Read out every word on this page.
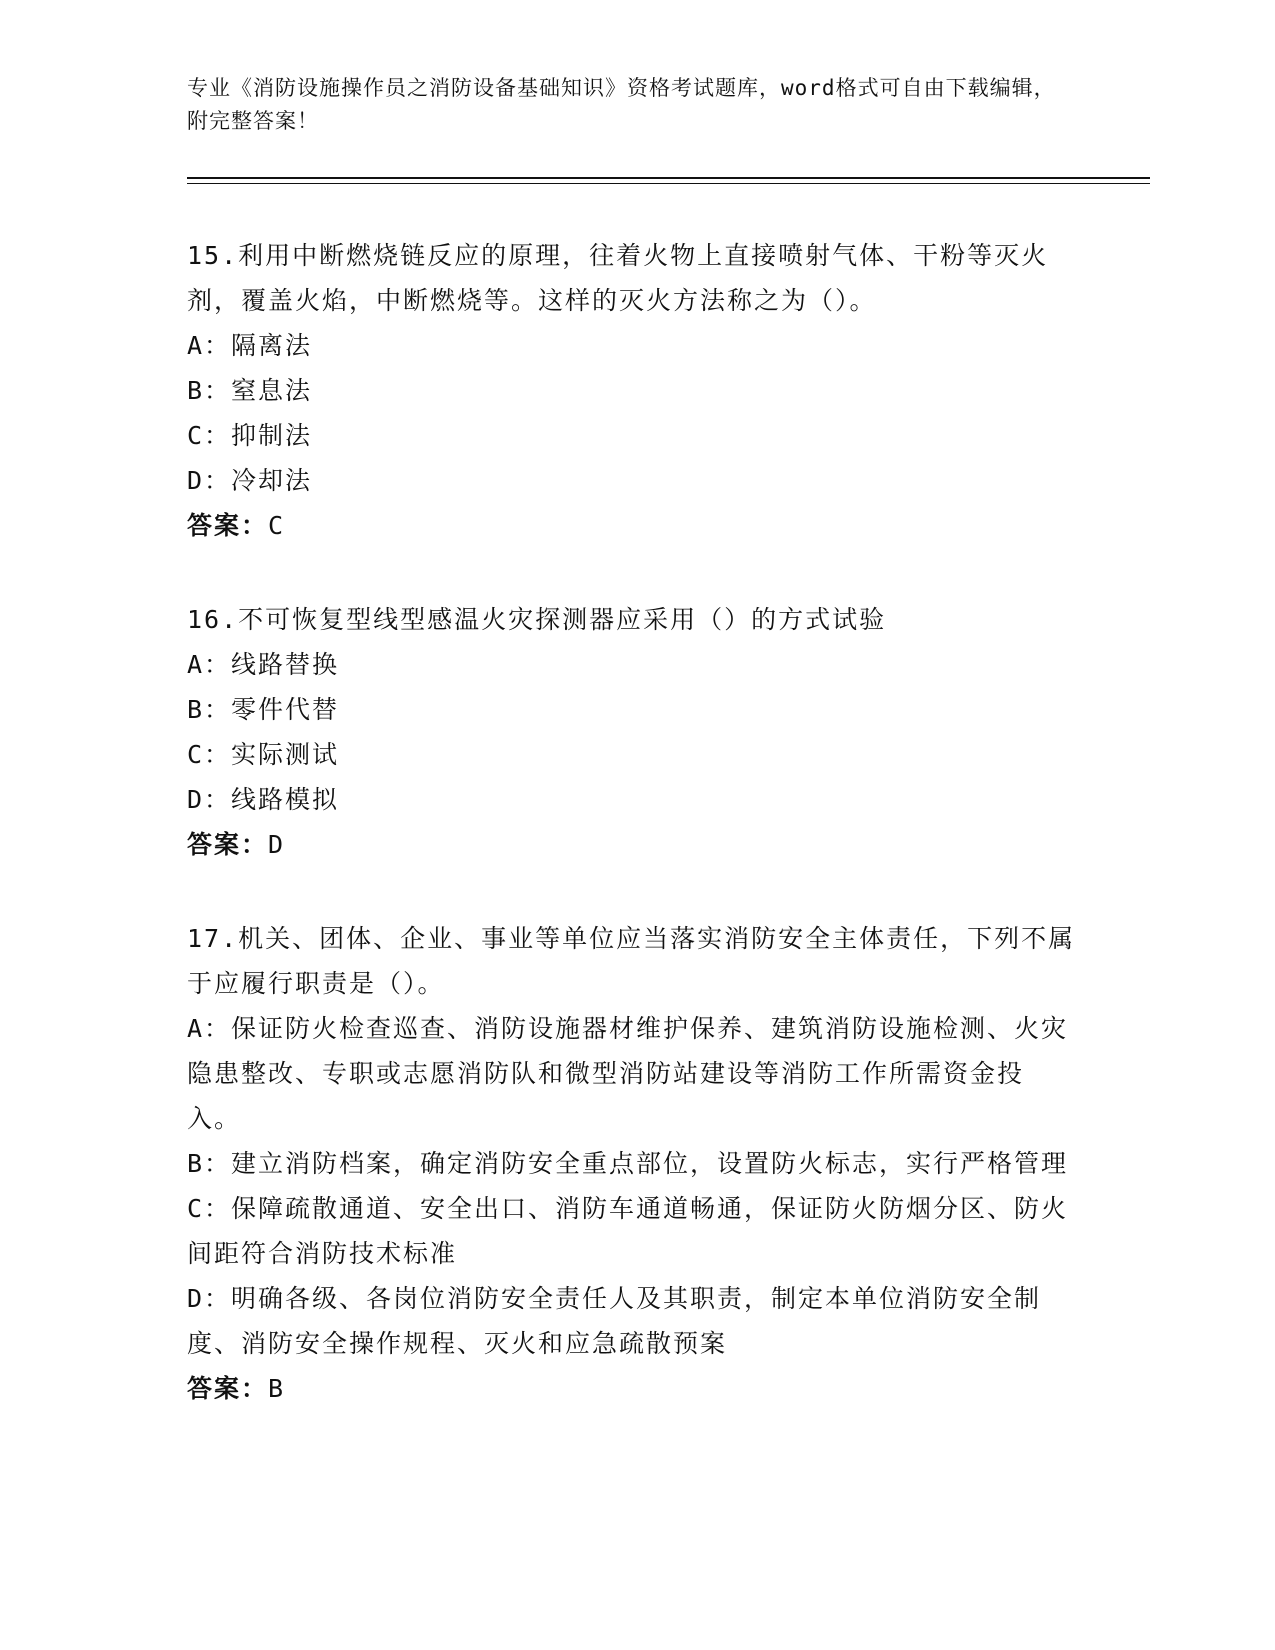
专业《消防设施操作员之消防设备基础知识》资格考试题库，word格式可自由下载编辑，附完整答案！

15.利用中断燃烧链反应的原理，往着火物上直接喷射气体、干粉等灭火剂，覆盖火焰，中断燃烧等。这样的灭火方法称之为（）。

A：隔离法

B：窒息法

C：抑制法

D：冷却法

答案：C

16.不可恢复型线型感温火灾探测器应采用（）的方式试验

A：线路替换

B：零件代替

C：实际测试

D：线路模拟

答案：D

17.机关、团体、企业、事业等单位应当落实消防安全主体责任，下列不属于应履行职责是（）。

A：保证防火检查巡查、消防设施器材维护保养、建筑消防设施检测、火灾隐患整改、专职或志愿消防队和微型消防站建设等消防工作所需资金投入。

B：建立消防档案，确定消防安全重点部位，设置防火标志，实行严格管理

C：保障疏散通道、安全出口、消防车通道畅通，保证防火防烟分区、防火间距符合消防技术标准

D：明确各级、各岗位消防安全责任人及其职责，制定本单位消防安全制度、消防安全操作规程、灭火和应急疏散预案

答案：B
